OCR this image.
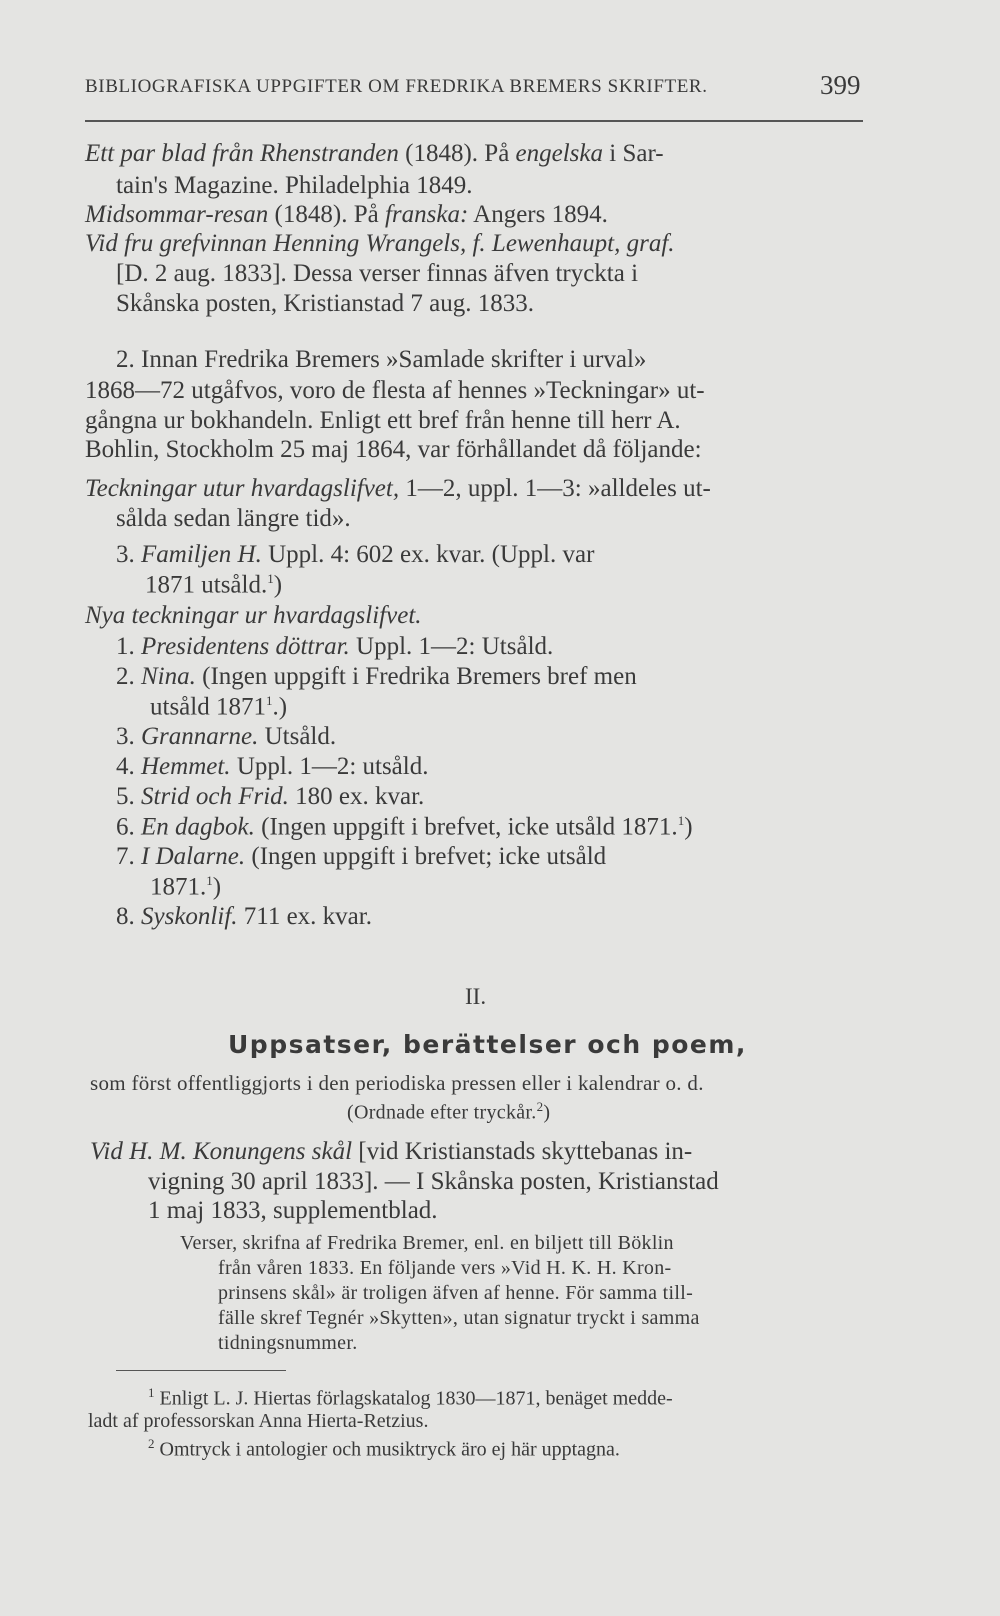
BIBLIOGRAFISKA UPPGIFTER OM FREDRIKA BREMERS SKRIFTER.	399
Ett par blad från Rhenstranden (1848). På engelska i Sar-
tain's Magazine. Philadelphia 1849.
Midsommar-resan (1848). På franska: Angers 1894.
Vid fru grefvinnan Henning Wrangels, f. Lewenhaupt, graf.
[D. 2 aug. 1833]. Dessa verser finnas äfven tryckta i
Skånska posten, Kristianstad 7 aug. 1833.
2. Innan Fredrika Bremers »Samlade skrifter i urval»
1868—72 utgåfvos, voro de flesta af hennes »Teckningar» ut-
gångna ur bokhandeln. Enligt ett bref från henne till herr A.
Bohlin, Stockholm 25 maj 1864, var förhållandet då följande:
Teckningar utur hvardagslifvet, 1—2, uppl. 1—3: »alldeles ut-
sålda sedan längre tid».
3. Familjen H. Uppl. 4: 602 ex. kvar. (Uppl. var
1871 utsåld.$^1$)
Nya teckningar ur hvardagslifvet.
1. Presidentens döttrar. Uppl. 1—2: Utsåld.
2. Nina. (Ingen uppgift i Fredrika Bremers bref men
utsåld 1871$^1$.)
3. Grannarne. Utsåld.
4. Hemmet. Uppl. 1—2: utsåld.
5. Strid och Frid. 180 ex. kvar.
6. En dagbok. (Ingen uppgift i brefvet, icke utsåld 1871.$^1$)
7. I Dalarne. (Ingen uppgift i brefvet; icke utsåld
1871.$^1$)
8. Syskonlif. 711 ex. kvar.
II.
Uppsatser, berättelser och poem,
som först offentliggjorts i den periodiska pressen eller i kalendrar o. d.
(Ordnade efter tryckår.$^2$)
Vid H. M. Konungens skål [vid Kristianstads skyttebanas in-
vigning 30 april 1833]. — I Skånska posten, Kristianstad
1 maj 1833, supplementblad.
Verser, skrifna af Fredrika Bremer, enl. en biljett till Böklin
från våren 1833. En följande vers »Vid H. K. H. Kron-
prinsens skål» är troligen äfven af henne. För samma till-
fälle skref Tegnér »Skytten», utan signatur tryckt i samma
tidningsnummer.
$^1$ Enligt L. J. Hiertas förlagskatalog 1830—1871, benäget medde-
ladt af professorskan Anna Hierta-Retzius.
$^2$ Omtryck i antologier och musiktryck äro ej här upptagna.
